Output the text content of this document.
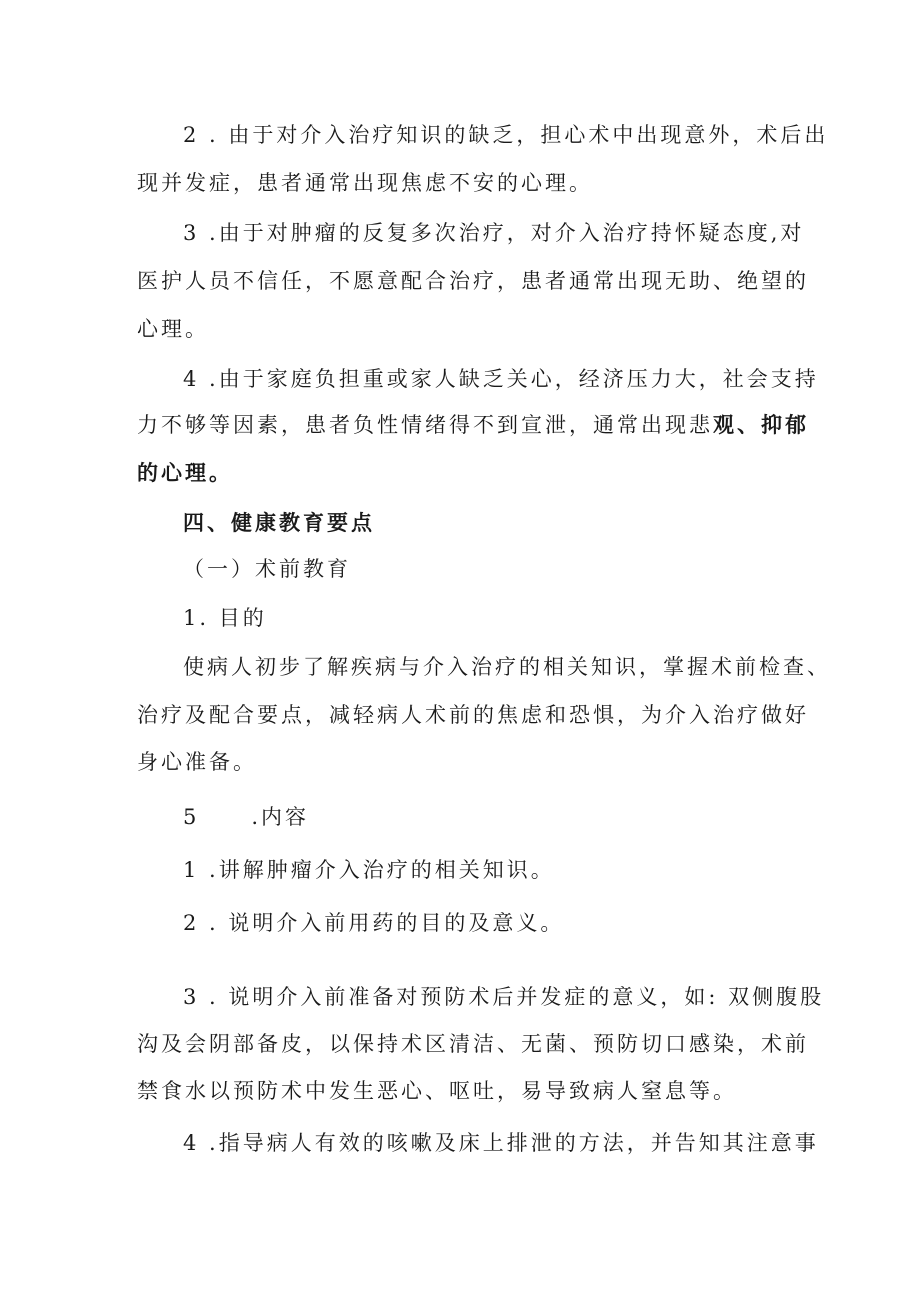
2 . 由于对介入治疗知识的缺乏，担心术中出现意外，术后出
现并发症，患者通常出现焦虑不安的心理。
3 .由于对肿瘤的反复多次治疗，对介入治疗持怀疑态度,对
医护人员不信任，不愿意配合治疗，患者通常出现无助、绝望的
心理。
4 .由于家庭负担重或家人缺乏关心，经济压力大，社会支持
力不够等因素，患者负性情绪得不到宣泄，通常出现悲观、抑郁
的心理。
四、健康教育要点
（一）术前教育
1. 目的
使病人初步了解疾病与介入治疗的相关知识，掌握术前检查、
治疗及配合要点，减轻病人术前的焦虑和恐惧，为介入治疗做好
身心准备。
5 .内容
1 .讲解肿瘤介入治疗的相关知识。
2 . 说明介入前用药的目的及意义。
3 . 说明介入前准备对预防术后并发症的意义，如: 双侧腹股
沟及会阴部备皮，以保持术区清洁、无菌、预防切口感染，术前
禁食水以预防术中发生恶心、呕吐，易导致病人窒息等。
4 .指导病人有效的咳嗽及床上排泄的方法，并告知其注意事
